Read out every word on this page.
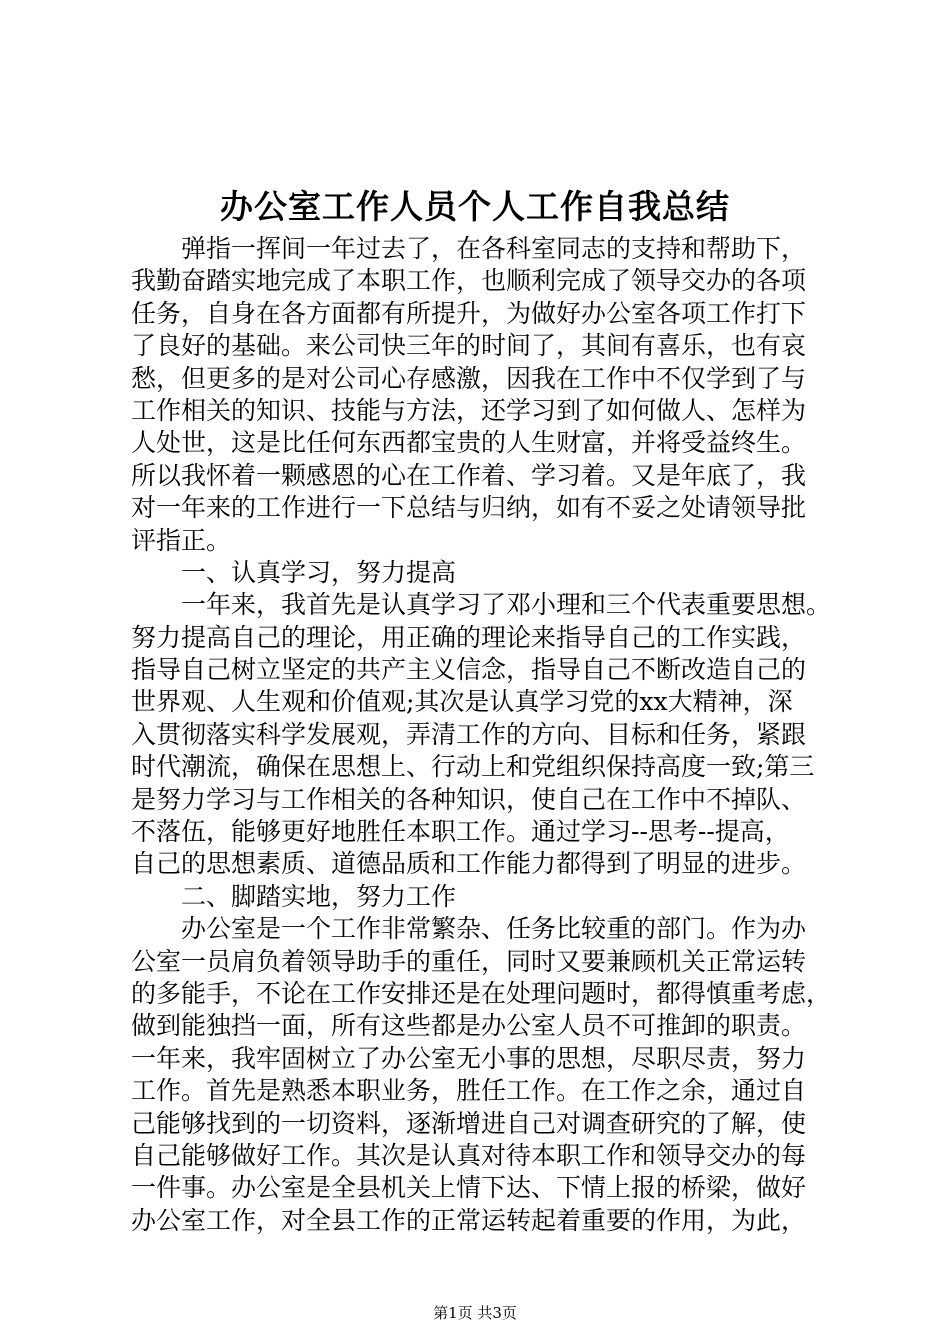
办公室工作人员个人工作自我总结
弹指一挥间一年过去了，在各科室同志的支持和帮助下，
我勤奋踏实地完成了本职工作，也顺利完成了领导交办的各项
任务，自身在各方面都有所提升，为做好办公室各项工作打下
了良好的基础。来公司快三年的时间了，其间有喜乐，也有哀
愁，但更多的是对公司心存感激，因我在工作中不仅学到了与
工作相关的知识、技能与方法，还学习到了如何做人、怎样为
人处世，这是比任何东西都宝贵的人生财富，并将受益终生。
所以我怀着一颗感恩的心在工作着、学习着。又是年底了，我
对一年来的工作进行一下总结与归纳，如有不妥之处请领导批
评指正。
一、认真学习，努力提高
一年来，我首先是认真学习了邓小理和三个代表重要思想。
努力提高自己的理论，用正确的理论来指导自己的工作实践，
指导自己树立坚定的共产主义信念，指导自己不断改造自己的
世界观、人生观和价值观;其次是认真学习党的xx大精神，深
入贯彻落实科学发展观，弄清工作的方向、目标和任务，紧跟
时代潮流，确保在思想上、行动上和党组织保持高度一致;第三
是努力学习与工作相关的各种知识，使自己在工作中不掉队、
不落伍，能够更好地胜任本职工作。通过学习--思考--提高，
自己的思想素质、道德品质和工作能力都得到了明显的进步。
二、脚踏实地，努力工作
办公室是一个工作非常繁杂、任务比较重的部门。作为办
公室一员肩负着领导助手的重任，同时又要兼顾机关正常运转
的多能手，不论在工作安排还是在处理问题时，都得慎重考虑，
做到能独挡一面，所有这些都是办公室人员不可推卸的职责。
一年来，我牢固树立了办公室无小事的思想，尽职尽责，努力
工作。首先是熟悉本职业务，胜任工作。在工作之余，通过自
己能够找到的一切资料，逐渐增进自己对调查研究的了解，使
自己能够做好工作。其次是认真对待本职工作和领导交办的每
一件事。办公室是全县机关上情下达、下情上报的桥梁，做好
办公室工作，对全县工作的正常运转起着重要的作用，为此，
第1页 共3页
